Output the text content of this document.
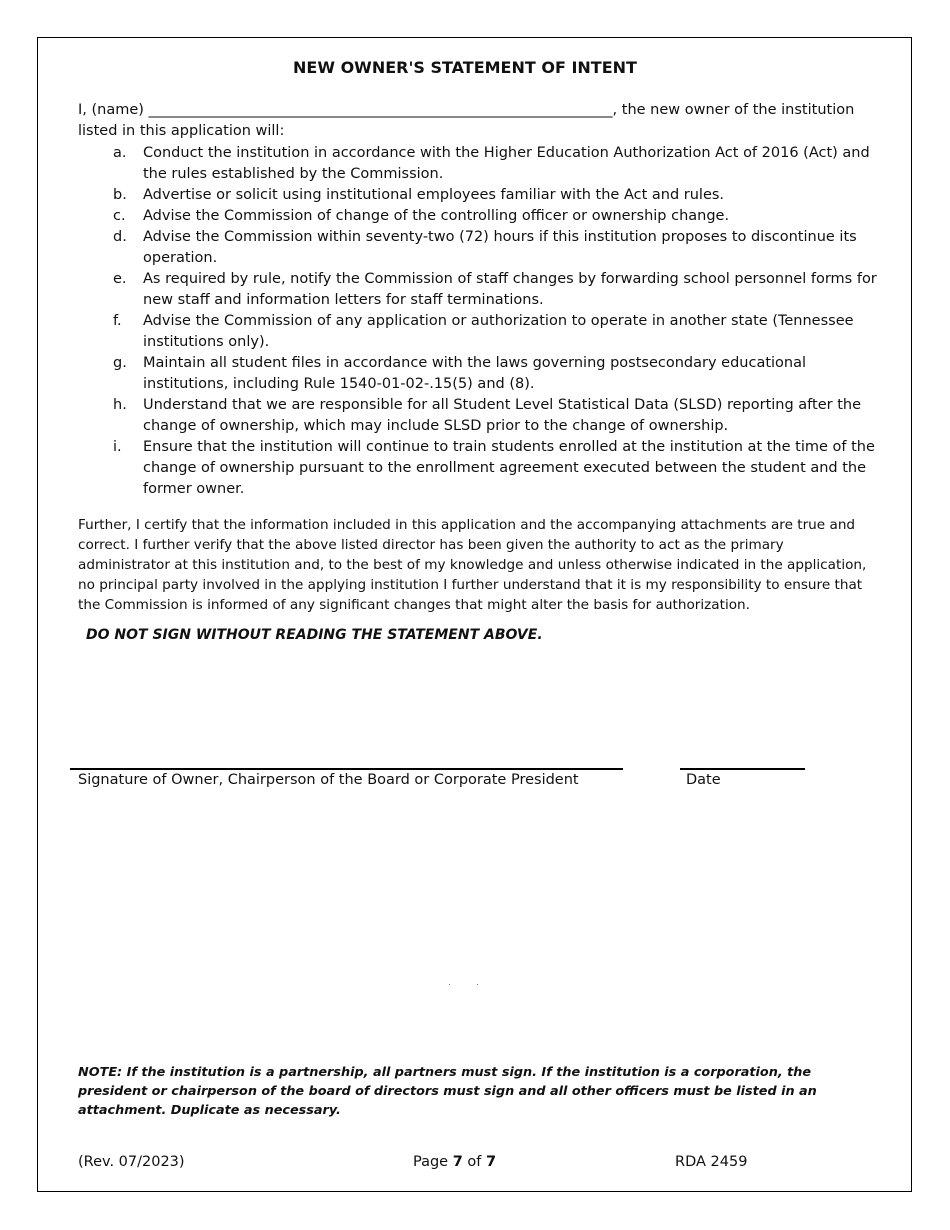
NEW OWNER'S STATEMENT OF INTENT
I, (name) ________________________________________________________________, the new owner of the institution listed in this application will:
a. Conduct the institution in accordance with the Higher Education Authorization Act of 2016 (Act) and the rules established by the Commission.
b. Advertise or solicit using institutional employees familiar with the Act and rules.
c. Advise the Commission of change of the controlling officer or ownership change.
d. Advise the Commission within seventy-two (72) hours if this institution proposes to discontinue its operation.
e. As required by rule, notify the Commission of staff changes by forwarding school personnel forms for new staff and information letters for staff terminations.
f. Advise the Commission of any application or authorization to operate in another state (Tennessee institutions only).
g. Maintain all student files in accordance with the laws governing postsecondary educational institutions, including Rule 1540-01-02-.15(5) and (8).
h. Understand that we are responsible for all Student Level Statistical Data (SLSD) reporting after the change of ownership, which may include SLSD prior to the change of ownership.
i. Ensure that the institution will continue to train students enrolled at the institution at the time of the change of ownership pursuant to the enrollment agreement executed between the student and the former owner.
Further, I certify that the information included in this application and the accompanying attachments are true and correct. I further verify that the above listed director has been given the authority to act as the primary administrator at this institution and, to the best of my knowledge and unless otherwise indicated in the application, no principal party involved in the applying institution I further understand that it is my responsibility to ensure that the Commission is informed of any significant changes that might alter the basis for authorization.
DO NOT SIGN WITHOUT READING THE STATEMENT ABOVE.
Signature of Owner, Chairperson of the Board or Corporate President	Date
NOTE: If the institution is a partnership, all partners must sign. If the institution is a corporation, the president or chairperson of the board of directors must sign and all other officers must be listed in an attachment. Duplicate as necessary.
(Rev. 07/2023)	Page 7 of 7	RDA 2459
